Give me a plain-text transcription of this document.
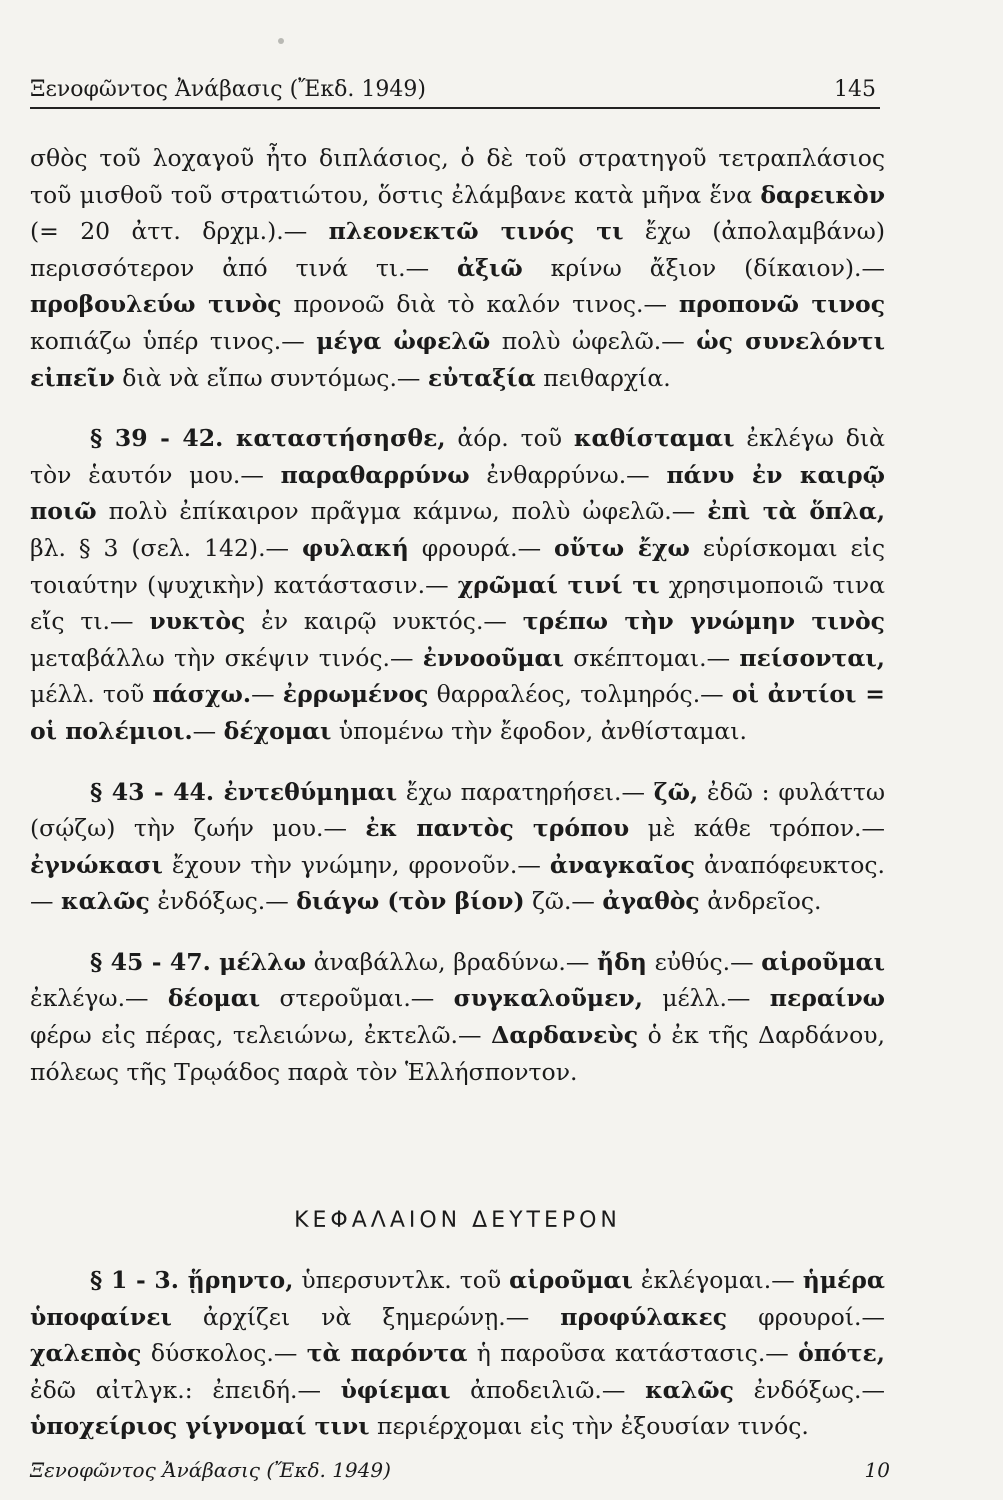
Ξενοφῶντος Ἀνάβασις (Ἔκδ. 1949)	145

σθὸς τοῦ λοχαγοῦ ἦτο διπλάσιος, ὁ δὲ τοῦ στρατηγοῦ τετραπλάσιος τοῦ μισθοῦ τοῦ στρατιώτου, ὅστις ἐλάμβανε κατὰ μῆνα ἕνα δαρεικὸν (= 20 ἀττ. δρχμ.).— πλεονεκτῶ τινός τι ἔχω (ἀπολαμβάνω) περισσότερον ἀπό τινά τι.— ἀξιῶ κρίνω ἄξιον (δίκαιον).— προβουλεύω τινὸς προνοῶ διὰ τὸ καλόν τινος.— προπονῶ τινος κοπιάζω ὑπέρ τινος.— μέγα ὠφελῶ πολὺ ὠφελῶ.— ὡς συνελόντι εἰπεῖν διὰ νὰ εἴπω συντόμως.— εὐταξία πειθαρχία.

§ 39 - 42. καταστήσησθε, ἀόρ. τοῦ καθίσταμαι ἐκλέγω διὰ τὸν ἑαυτόν μου.— παραθαρρύνω ἐνθαρρύνω.— πάνυ ἐν καιρῷ ποιῶ πολὺ ἐπίκαιρον πρᾶγμα κάμνω, πολὺ ὠφελῶ.— ἐπὶ τὰ ὅπλα, βλ. § 3 (σελ. 142).— φυλακή φρουρά.— οὕτω ἔχω εὑρίσκομαι εἰς τοιαύτην (ψυχικὴν) κατάστασιν.— χρῶμαί τινί τι χρησιμοποιῶ τινα εἴς τι.— νυκτὸς ἐν καιρῷ νυκτός.— τρέπω τὴν γνώμην τινὸς μεταβάλλω τὴν σκέψιν τινός.— ἐννοοῦμαι σκέπτομαι.— πείσονται, μέλλ. τοῦ πάσχω.— ἐρρωμένος θαρραλέος, τολμηρός.— οἱ ἀντίοι = οἱ πολέμιοι.— δέχομαι ὑπομένω τὴν ἔφοδον, ἀνθίσταμαι.

§ 43 - 44. ἐντεθύμημαι ἔχω παρατηρήσει.— ζῶ, ἐδῶ : φυλάττω (σῴζω) τὴν ζωήν μου.— ἐκ παντὸς τρόπου μὲ κάθε τρόπον.— ἐγνώκασι ἔχουν τὴν γνώμην, φρονοῦν.— ἀναγκαῖος ἀναπόφευκτος.— καλῶς ἐνδόξως.— διάγω (τὸν βίον) ζῶ.— ἀγαθὸς ἀνδρεῖος.

§ 45 - 47. μέλλω ἀναβάλλω, βραδύνω.— ἤδη εὐθύς.— αἱροῦμαι ἐκλέγω.— δέομαι στεροῦμαι.— συγκαλοῦμεν, μέλλ.— περαίνω φέρω εἰς πέρας, τελειώνω, ἐκτελῶ.— Δαρδανεὺς ὁ ἐκ τῆς Δαρδάνου, πόλεως τῆς Τρῳάδος παρὰ τὸν Ἑλλήσποντον.

ΚΕΦΑΛΑΙΟΝ ΔΕΥΤΕΡΟΝ

§ 1 - 3. ᾕρηντο, ὑπερσυντλκ. τοῦ αἱροῦμαι ἐκλέγομαι.— ἡμέρα ὑποφαίνει ἀρχίζει νὰ ξημερώνῃ.— προφύλακες φρουροί.— χαλεπὸς δύσκολος.— τὰ παρόντα ἡ παροῦσα κατάστασις.— ὁπότε, ἐδῶ αἰτλγκ.: ἐπειδή.— ὑφίεμαι ἀποδειλιῶ.— καλῶς ἐνδόξως.— ὑποχείριος γίγνομαί τινι περιέρχομαι εἰς τὴν ἐξουσίαν τινός.

Ξενοφῶντος Ἀνάβασις (Ἔκδ. 1949)	10
